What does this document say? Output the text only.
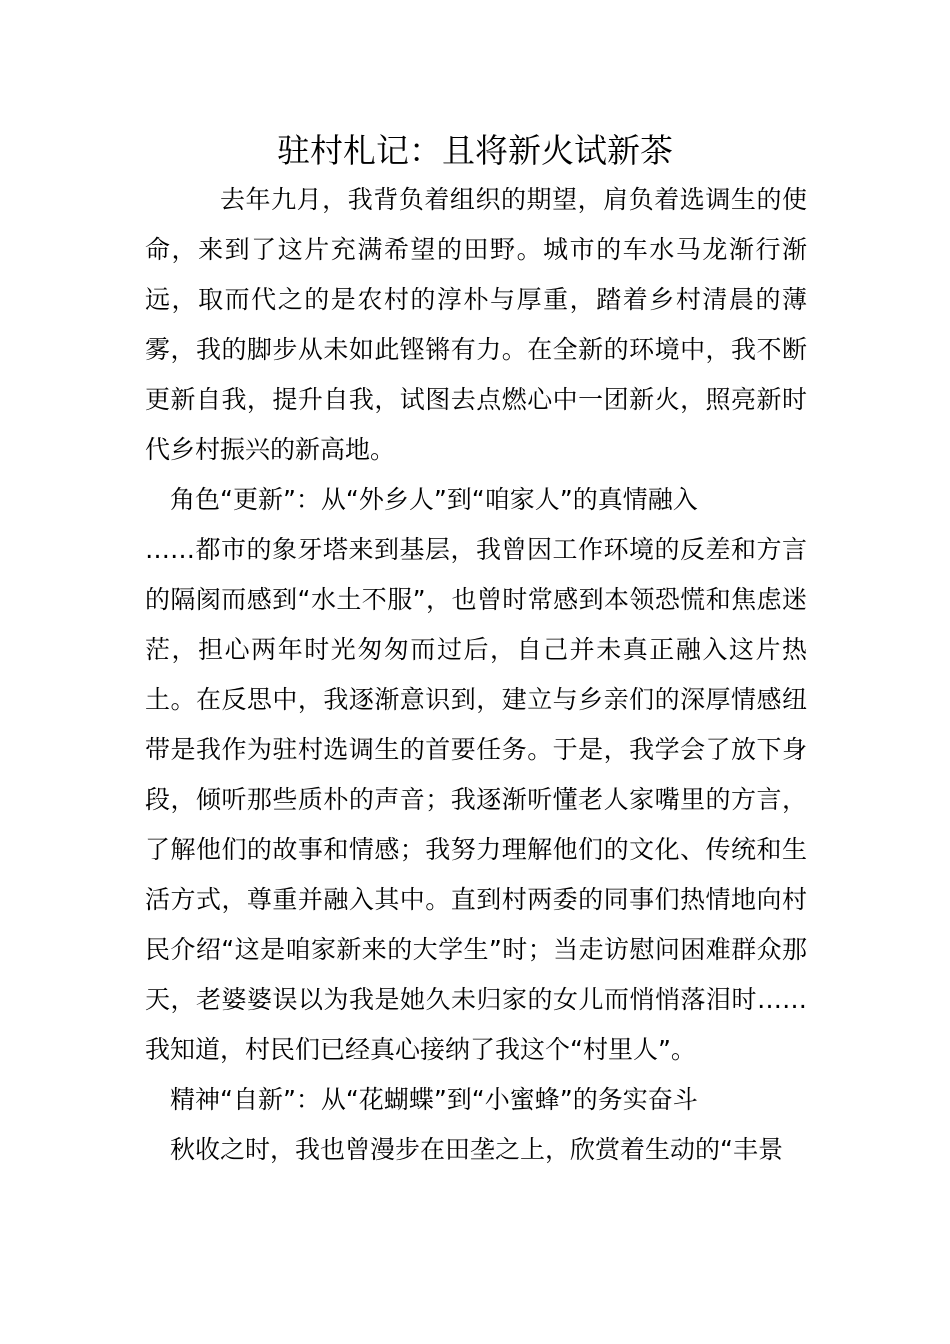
驻村札记：且将新火试新茶

去年九月，我背负着组织的期望，肩负着选调生的使命，来到了这片充满希望的田野。城市的车水马龙渐行渐远，取而代之的是农村的淳朴与厚重，踏着乡村清晨的薄雾，我的脚步从未如此铿锵有力。在全新的环境中，我不断更新自我，提升自我，试图去点燃心中一团新火，照亮新时代乡村振兴的新高地。

角色“更新”：从“外乡人”到“咱家人”的真情融入

……都市的象牙塔来到基层，我曾因工作环境的反差和方言的隔阂而感到“水土不服”，也曾时常感到本领恐慌和焦虑迷茫，担心两年时光匆匆而过后，自己并未真正融入这片热土。在反思中，我逐渐意识到，建立与乡亲们的深厚情感纽带是我作为驻村选调生的首要任务。于是，我学会了放下身段，倾听那些质朴的声音；我逐渐听懂老人家嘴里的方言，了解他们的故事和情感；我努力理解他们的文化、传统和生活方式，尊重并融入其中。直到村两委的同事们热情地向村民介绍“这是咱家新来的大学生”时；当走访慰问困难群众那天，老婆婆误以为我是她久未归家的女儿而悄悄落泪时……我知道，村民们已经真心接纳了我这个“村里人”。

精神“自新”：从“花蝴蝶”到“小蜜蜂”的务实奋斗

秋收之时，我也曾漫步在田垄之上，欣赏着生动的“丰景
